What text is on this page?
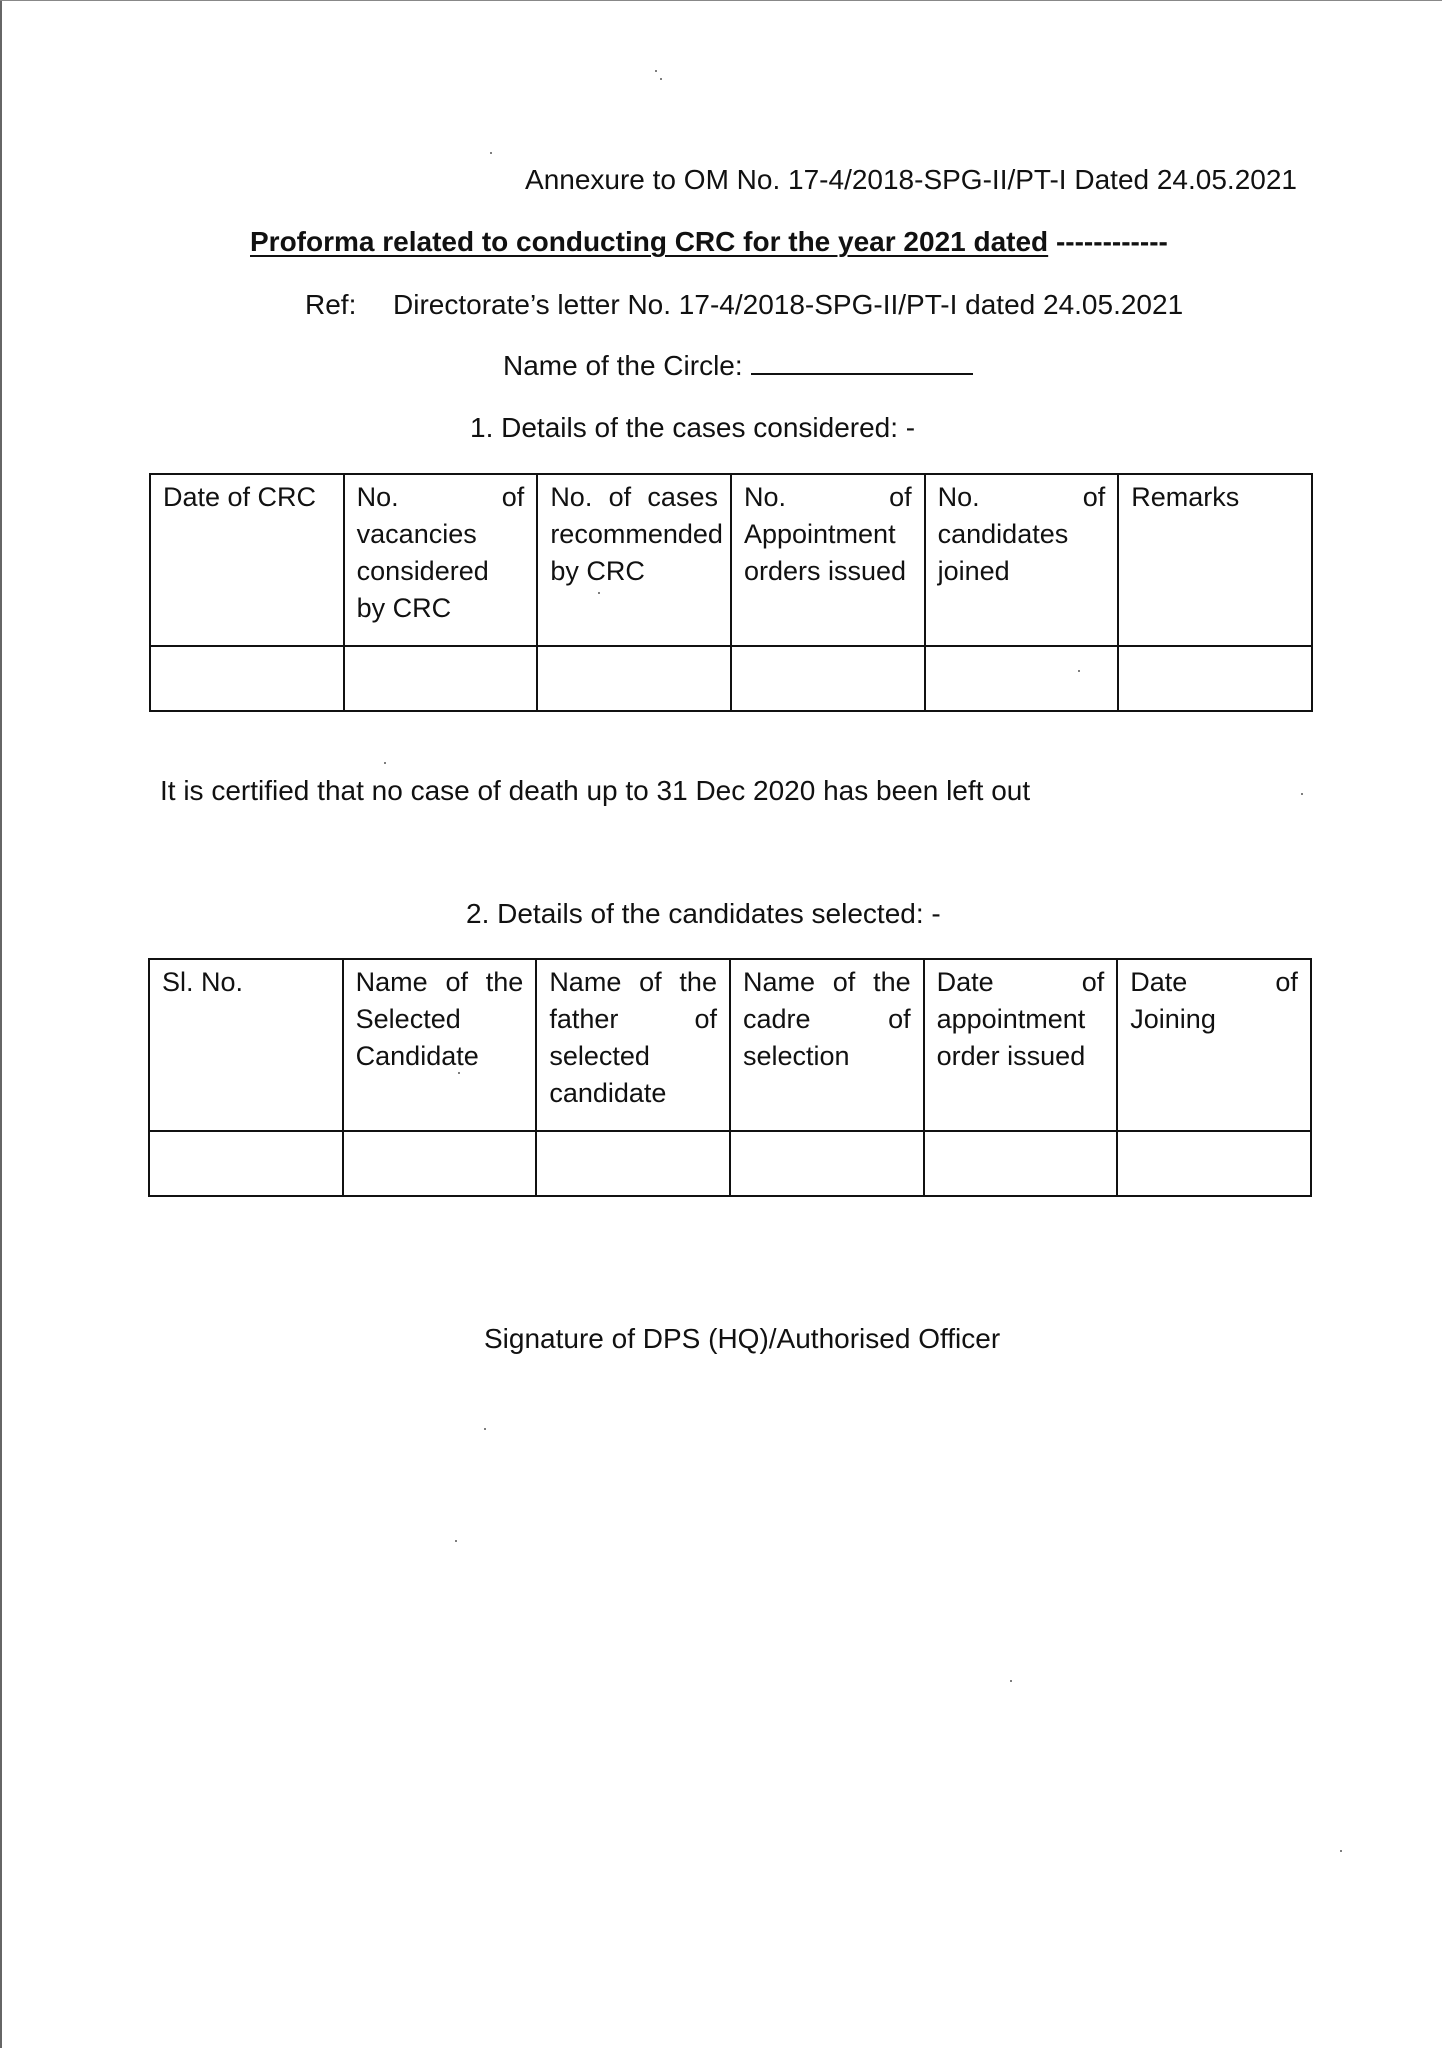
Annexure to OM No. 17-4/2018-SPG-II/PT-I Dated 24.05.2021
Proforma related to conducting CRC for the year 2021 dated ------------
Ref: Directorate’s letter No. 17-4/2018-SPG-II/PT-I dated 24.05.2021
Name of the Circle:
1. Details of the cases considered: -
Date of CRC	No. of vacancies considered by CRC	No. of cases recommended by CRC	No. of Appointment orders issued	No. of candidates joined	Remarks

It is certified that no case of death up to 31 Dec 2020 has been left out
2. Details of the candidates selected: -
Sl. No.	Name of the Selected Candidate	Name of the father of selected candidate	Name of the cadre of selection	Date of appointment order issued	Date of Joining

Signature of DPS (HQ)/Authorised Officer
